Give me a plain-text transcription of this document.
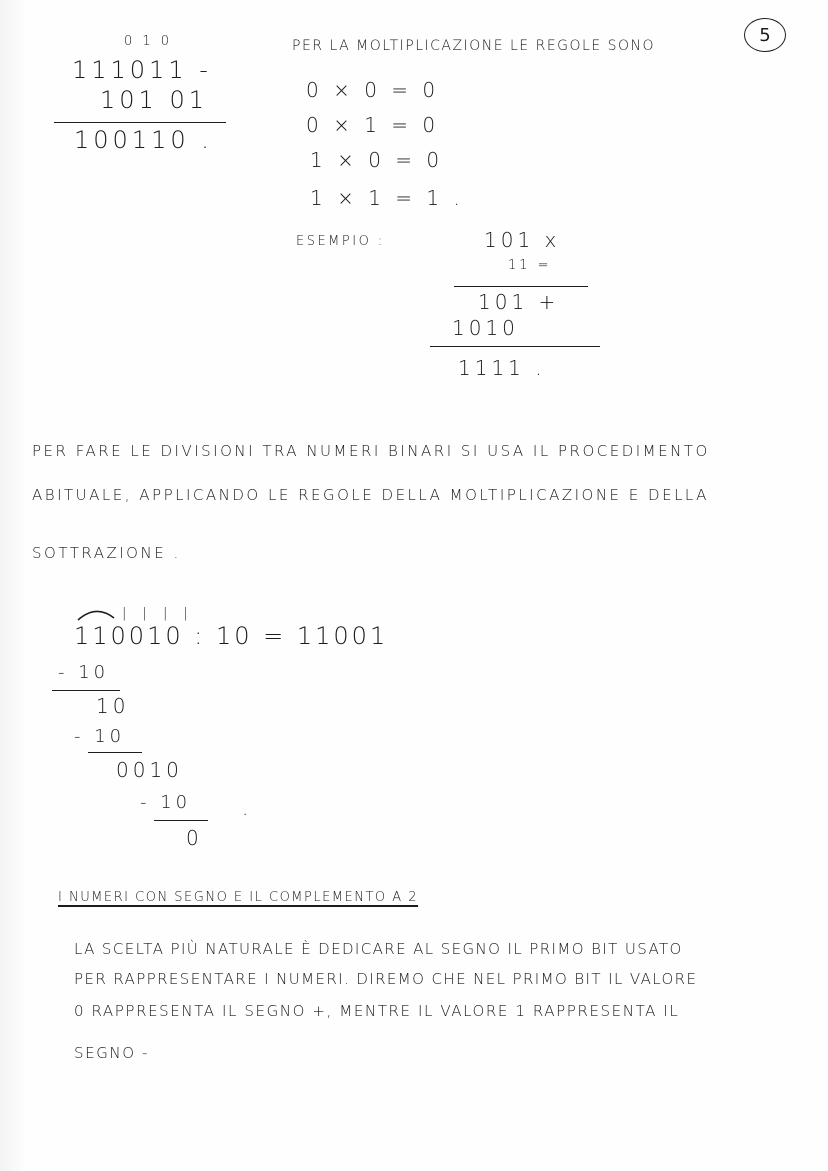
5
0 1 0
111011 -
101 01
100110 .
PER LA MOLTIPLICAZIONE LE REGOLE SONO
0 × 0 = 0
0 × 1 = 0
1 × 0 = 0
1 × 1 = 1 .
ESEMPIO :	101 x
11 =
101 +
1010
1111 .
PER FARE LE DIVISIONI TRA NUMERI BINARI SI USA IL PROCEDIMENTO
ABITUALE, APPLICANDO LE REGOLE DELLA MOLTIPLICAZIONE E DELLA
SOTTRAZIONE .
| | | |
110010 : 10 = 11001
- 10
10
- 10
0010
- 10
0
.
I NUMERI CON SEGNO E IL COMPLEMENTO A 2
LA SCELTA PIÙ NATURALE È DEDICARE AL SEGNO IL PRIMO BIT USATO
PER RAPPRESENTARE I NUMERI. DIREMO CHE NEL PRIMO BIT IL VALORE
0 RAPPRESENTA IL SEGNO +, MENTRE IL VALORE 1 RAPPRESENTA IL
SEGNO -
